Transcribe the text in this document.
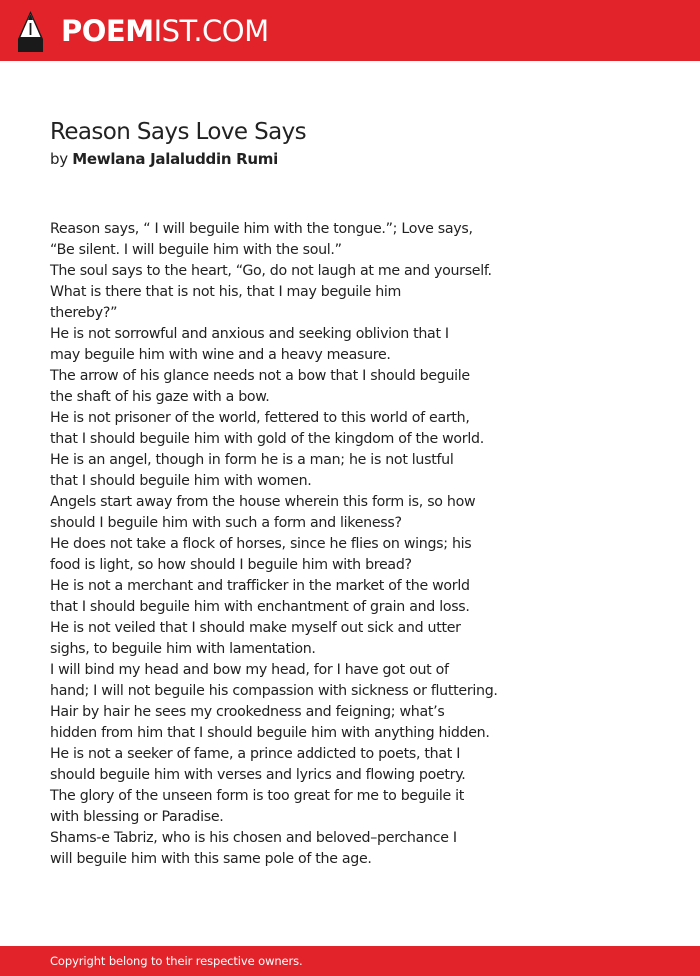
POEMIST.COM
Reason Says Love Says
by Mewlana Jalaluddin Rumi
Reason says, “ I will beguile him with the tongue.”; Love says,
“Be silent. I will beguile him with the soul.”
The soul says to the heart, “Go, do not laugh at me and yourself.
What is there that is not his, that I may beguile him
thereby?”
He is not sorrowful and anxious and seeking oblivion that I
may beguile him with wine and a heavy measure.
The arrow of his glance needs not a bow that I should beguile
the shaft of his gaze with a bow.
He is not prisoner of the world, fettered to this world of earth,
that I should beguile him with gold of the kingdom of the world.
He is an angel, though in form he is a man; he is not lustful
that I should beguile him with women.
Angels start away from the house wherein this form is, so how
should I beguile him with such a form and likeness?
He does not take a flock of horses, since he flies on wings; his
food is light, so how should I beguile him with bread?
He is not a merchant and trafficker in the market of the world
that I should beguile him with enchantment of grain and loss.
He is not veiled that I should make myself out sick and utter
sighs, to beguile him with lamentation.
I will bind my head and bow my head, for I have got out of
hand; I will not beguile his compassion with sickness or fluttering.
Hair by hair he sees my crookedness and feigning; what’s
hidden from him that I should beguile him with anything hidden.
He is not a seeker of fame, a prince addicted to poets, that I
should beguile him with verses and lyrics and flowing poetry.
The glory of the unseen form is too great for me to beguile it
with blessing or Paradise.
Shams-e Tabriz, who is his chosen and beloved–perchance I
will beguile him with this same pole of the age.
Copyright belong to their respective owners.
